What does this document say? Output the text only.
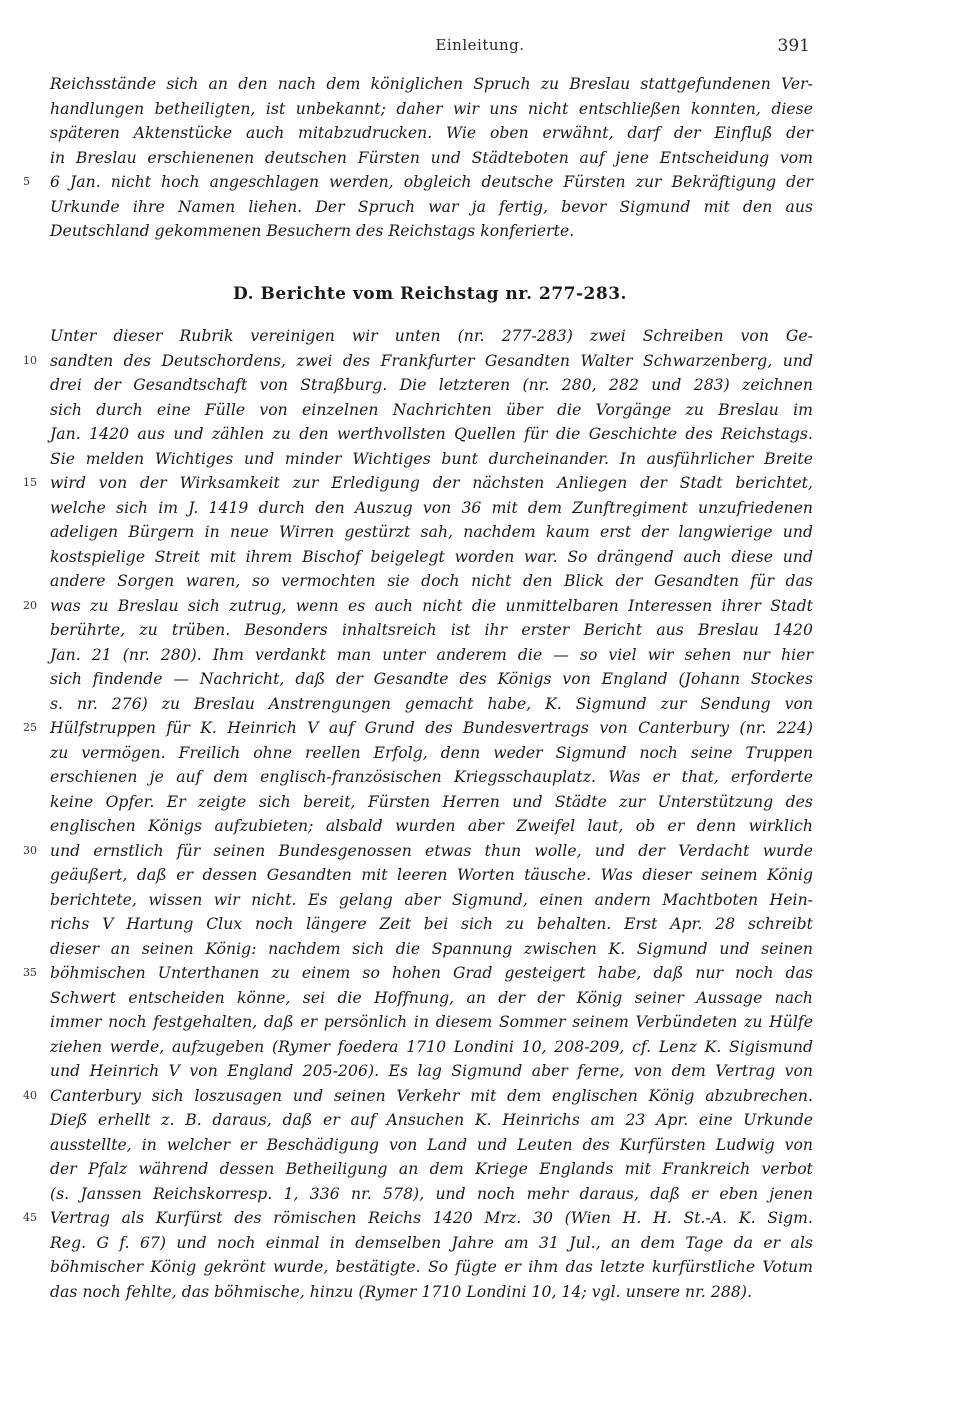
Einleitung.	391
Reichsstände sich an den nach dem königlichen Spruch zu Breslau stattgefundenen Ver-
handlungen betheiligten, ist unbekannt; daher wir uns nicht entschließen konnten, diese
späteren Aktenstücke auch mitabzudrucken. Wie oben erwähnt, darf der Einfluß der
in Breslau erschienenen deutschen Fürsten und Städteboten auf jene Entscheidung vom
5	6 Jan. nicht hoch angeschlagen werden, obgleich deutsche Fürsten zur Bekräftigung der
Urkunde ihre Namen liehen. Der Spruch war ja fertig, bevor Sigmund mit den aus
Deutschland gekommenen Besuchern des Reichstags konferierte.
D. Berichte vom Reichstag nr. 277-283.
Unter dieser Rubrik vereinigen wir unten (nr. 277-283) zwei Schreiben von Ge-
10 sandten des Deutschordens, zwei des Frankfurter Gesandten Walter Schwarzenberg, und
drei der Gesandtschaft von Straßburg. Die letzteren (nr. 280, 282 und 283) zeichnen
sich durch eine Fülle von einzelnen Nachrichten über die Vorgänge zu Breslau im
Jan. 1420 aus und zählen zu den werthvollsten Quellen für die Geschichte des Reichstags.
Sie melden Wichtiges und minder Wichtiges bunt durcheinander. In ausführlicher Breite
15 wird von der Wirksamkeit zur Erledigung der nächsten Anliegen der Stadt berichtet,
welche sich im J. 1419 durch den Auszug von 36 mit dem Zunftregiment unzufriedenen
adeligen Bürgern in neue Wirren gestürzt sah, nachdem kaum erst der langwierige und
kostspielige Streit mit ihrem Bischof beigelegt worden war. So drängend auch diese und
andere Sorgen waren, so vermochten sie doch nicht den Blick der Gesandten für das
20 was zu Breslau sich zutrug, wenn es auch nicht die unmittelbaren Interessen ihrer Stadt
berührte, zu trüben. Besonders inhaltsreich ist ihr erster Bericht aus Breslau 1420
Jan. 21 (nr. 280). Ihm verdankt man unter anderem die — so viel wir sehen nur hier
sich findende — Nachricht, daß der Gesandte des Königs von England (Johann Stockes
s. nr. 276) zu Breslau Anstrengungen gemacht habe, K. Sigmund zur Sendung von
25 Hülfstruppen für K. Heinrich V auf Grund des Bundesvertrags von Canterbury (nr. 224)
zu vermögen. Freilich ohne reellen Erfolg, denn weder Sigmund noch seine Truppen
erschienen je auf dem englisch-französischen Kriegsschauplatz. Was er that, erforderte
keine Opfer. Er zeigte sich bereit, Fürsten Herren und Städte zur Unterstützung des
englischen Königs aufzubieten; alsbald wurden aber Zweifel laut, ob er denn wirklich
30 und ernstlich für seinen Bundesgenossen etwas thun wolle, und der Verdacht wurde
geäußert, daß er dessen Gesandten mit leeren Worten täusche. Was dieser seinem König
berichtete, wissen wir nicht. Es gelang aber Sigmund, einen andern Machtboten Hein-
richs V Hartung Clux noch längere Zeit bei sich zu behalten. Erst Apr. 28 schreibt
dieser an seinen König: nachdem sich die Spannung zwischen K. Sigmund und seinen
35 böhmischen Unterthanen zu einem so hohen Grad gesteigert habe, daß nur noch das
Schwert entscheiden könne, sei die Hoffnung, an der der König seiner Aussage nach
immer noch festgehalten, daß er persönlich in diesem Sommer seinem Verbündeten zu Hülfe
ziehen werde, aufzugeben (Rymer foedera 1710 Londini 10, 208-209, cf. Lenz K. Sigismund
und Heinrich V von England 205-206). Es lag Sigmund aber ferne, von dem Vertrag von
40 Canterbury sich loszusagen und seinen Verkehr mit dem englischen König abzubrechen.
Dieß erhellt z. B. daraus, daß er auf Ansuchen K. Heinrichs am 23 Apr. eine Urkunde
ausstellte, in welcher er Beschädigung von Land und Leuten des Kurfürsten Ludwig von
der Pfalz während dessen Betheiligung an dem Kriege Englands mit Frankreich verbot
(s. Janssen Reichskorresp. 1, 336 nr. 578), und noch mehr daraus, daß er eben jenen
45 Vertrag als Kurfürst des römischen Reichs 1420 Mrz. 30 (Wien H. H. St.-A. K. Sigm.
Reg. G f. 67) und noch einmal in demselben Jahre am 31 Jul., an dem Tage da er als
böhmischer König gekrönt wurde, bestätigte. So fügte er ihm das letzte kurfürstliche Votum
das noch fehlte, das böhmische, hinzu (Rymer 1710 Londini 10, 14; vgl. unsere nr. 288).
